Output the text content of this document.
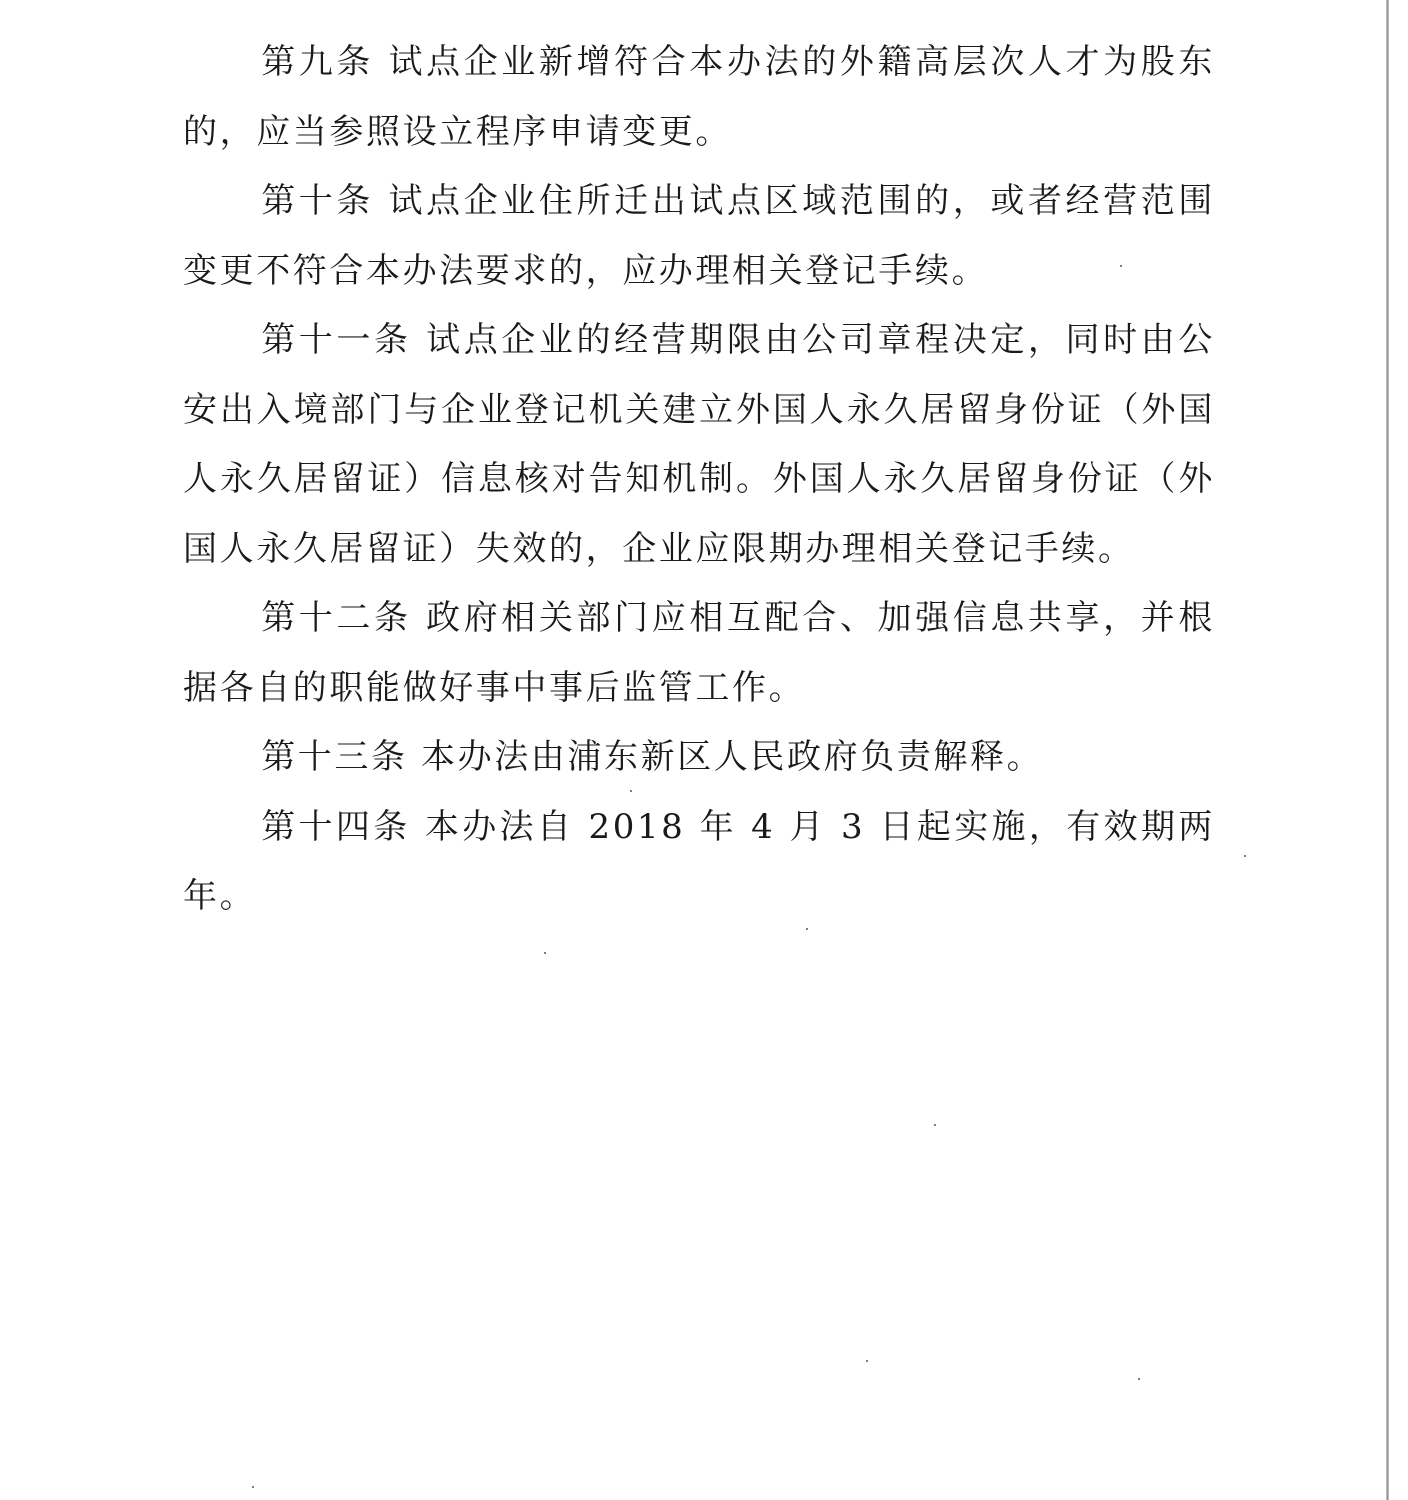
第九条 试点企业新增符合本办法的外籍高层次人才为股东的，应当参照设立程序申请变更。

第十条 试点企业住所迁出试点区域范围的，或者经营范围变更不符合本办法要求的，应办理相关登记手续。

第十一条 试点企业的经营期限由公司章程决定，同时由公安出入境部门与企业登记机关建立外国人永久居留身份证（外国人永久居留证）信息核对告知机制。外国人永久居留身份证（外国人永久居留证）失效的，企业应限期办理相关登记手续。

第十二条 政府相关部门应相互配合、加强信息共享，并根据各自的职能做好事中事后监管工作。

第十三条 本办法由浦东新区人民政府负责解释。

第十四条 本办法自 2018 年 4 月 3 日起实施，有效期两年。
